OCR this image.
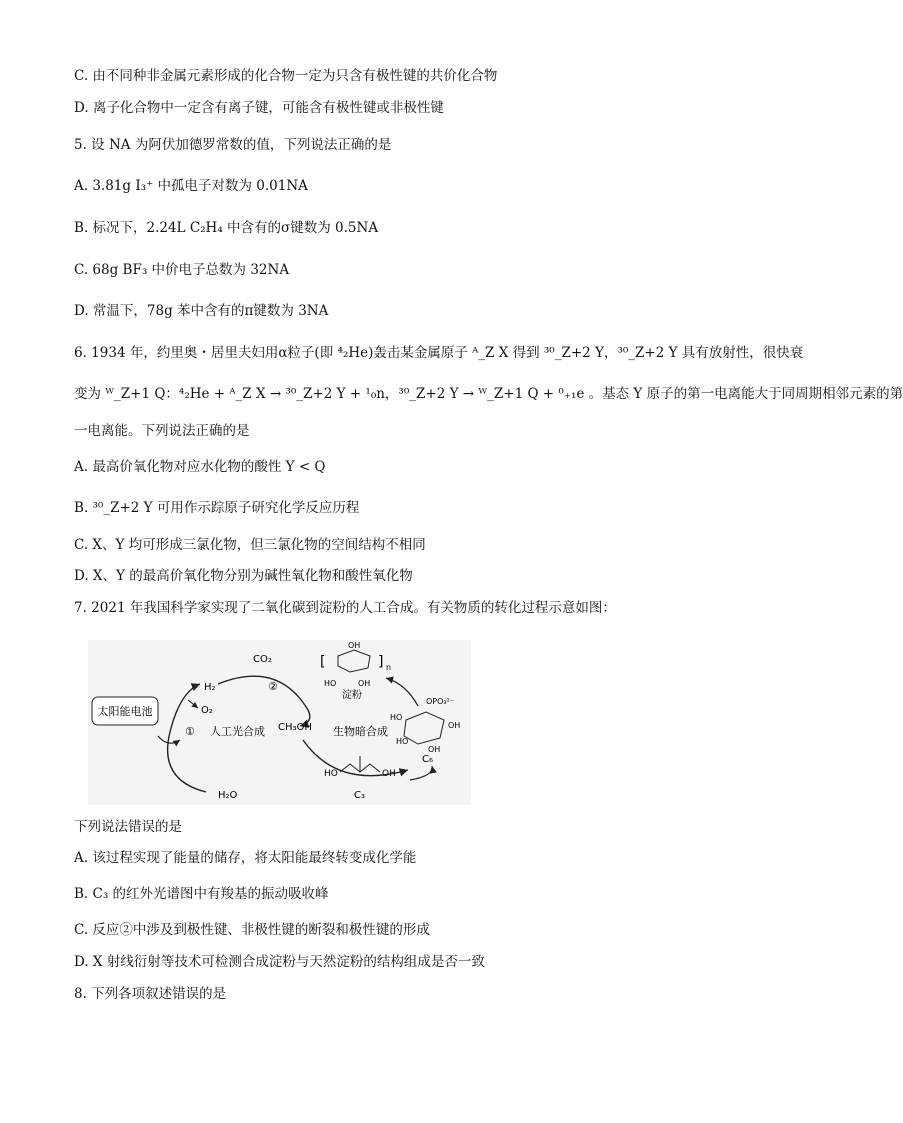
C. 由不同种非金属元素形成的化合物一定为只含有极性键的共价化合物
D. 离子化合物中一定含有离子键，可能含有极性键或非极性键
5. 设 NA 为阿伏加德罗常数的值，下列说法正确的是
A. 3.81g I₃⁺ 中孤电子对数为 0.01NA
B. 标况下，2.24L C₂H₄ 中含有的σ键数为 0.5NA
C. 68g BF₃ 中价电子总数为 32NA
D. 常温下，78g 苯中含有的π键数为 3NA
6. 1934 年，约里奥・居里夫妇用α粒子(即 ⁴₂He)轰击某金属原子 ᴬ_Z X 得到 ³⁰_Z+2 Y，³⁰_Z+2 Y 具有放射性，很快衰
变为 ᵂ_Z+1 Q：⁴₂He + ᴬ_Z X → ³⁰_Z+2 Y + ¹₀n，³⁰_Z+2 Y → ᵂ_Z+1 Q + ⁰₊₁e 。基态 Y 原子的第一电离能大于同周期相邻元素的第
一电离能。下列说法正确的是
A. 最高价氧化物对应水化物的酸性 Y < Q
B. ³⁰_Z+2 Y 可用作示踪原子研究化学反应历程
C. X、Y 均可形成三氯化物，但三氯化物的空间结构不相同
D. X、Y 的最高价氧化物分别为碱性氧化物和酸性氧化物
7. 2021 年我国科学家实现了二氧化碳到淀粉的人工合成。有关物质的转化过程示意如图：
太阳能电池
H₂
O₂
① 人工光合成
H₂O
CO₂
②
CH₃OH
HO	OH
C₃
生物暗合成
OPO₃²⁻
HO
OH
OH
HO
C₆
[
OH
] n
HO	OH
淀粉
下列说法错误的是
A. 该过程实现了能量的储存，将太阳能最终转变成化学能
B. C₃ 的红外光谱图中有羧基的振动吸收峰
C. 反应②中涉及到极性键、非极性键的断裂和极性键的形成
D. X 射线衍射等技术可检测合成淀粉与天然淀粉的结构组成是否一致
8. 下列各项叙述错误的是
